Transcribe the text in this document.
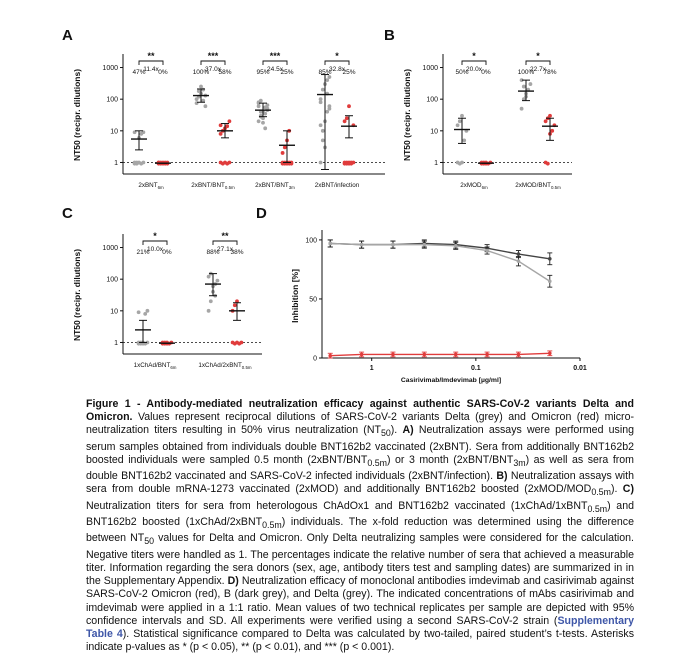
A
1
10
100
1000
NT50 (recipr. dilutions)	47% 0%
11.4x
**
2xBNT$_{6m}$
100% 58%
37.0x
***
$2xBNT/BNT_{0.5m}$
95% 25%
24.5x
***
$2xBNT/BNT_{3m}$
85% 25%
32.8x
*
2xBNT/infection
B
1
10
100
1000
NT50 (recipr. dilutions)	50% 0%
20.0x
*
2xMOD$_{6m}$
100% 78%
22.7x
*
$2xMOD/BNT_{0.5m}$
C
1
10
100
1000
NT50 (recipr. dilutions)	21% 0%
10.0x
*
$1xChAd/BNT_{6m}$
88% 38%
27.1x
**
1xChAd/2xBNT$_{0.5m}$
D
0
50
100
1	0.1	0.01
Inhibition [%]
Casirivimab/Imdevimab [µg/ml]
Figure 1 - Antibody-mediated neutralization efficacy against authentic SARS-CoV-2 variants Delta and Omicron. Values represent reciprocal dilutions of SARS-CoV-2 variants Delta (grey) and Omicron (red) micro-neutralization titers resulting in 50% virus neutralization $(NT_{50})$. A) Neutralization assays were performed using serum samples obtained from individuals double BNT162b2 vaccinated (2xBNT). Sera from additionally BNT162b2 boosted individuals were sampled 0.5 month $(2xBNT/BNT_{0.5m})$ or 3 month $(2xBNT/BNT_{3m})$ as well as sera from double BNT162b2 vaccinated and SARS-CoV-2 infected individuals (2xBNT/infection). B) Neutralization assays with sera from double mRNA-1273 vaccinated (2xMOD) and additionally BNT162b2 boosted $(2xMOD/MOD_{0.5m})$. C) Neutralization titers for sera from heterologous ChAdOx1 and BNT162b2 vaccinated (1xChAd/1xBNT$_{0.5m}$) and BNT162b2 boosted (1xChAd/2xBNT$_{0.5m}$) individuals. The x-fold reduction was determined using the difference between $NT_{50}$ values for Delta and Omicron. Only Delta neutralizing samples were considered for the calculation. Negative titers were handled as 1. The percentages indicate the relative number of sera that achieved a measurable titer. Information regarding the sera donors (sex, age, antibody titers test and sampling dates) are summarized in in the Supplementary Appendix. D) Neutralization efficacy of monoclonal antibodies imdevimab and casirivimab against SARS-CoV-2 Omicron (red), B (dark grey), and Delta (grey). The indicated concentrations of mAbs casirivimab and imdevimab were applied in a 1:1 ratio. Mean values of two technical replicates per sample are depicted with 95% confidence intervals and SD. All experiments were verified using a second SARS-CoV-2 strain (Supplementary Table 4). Statistical significance compared to Delta was calculated by two-tailed, paired student’s t-tests. Asterisks indicate p-values as * (p < 0.05), ** (p < 0.01), and *** (p < 0.001).
